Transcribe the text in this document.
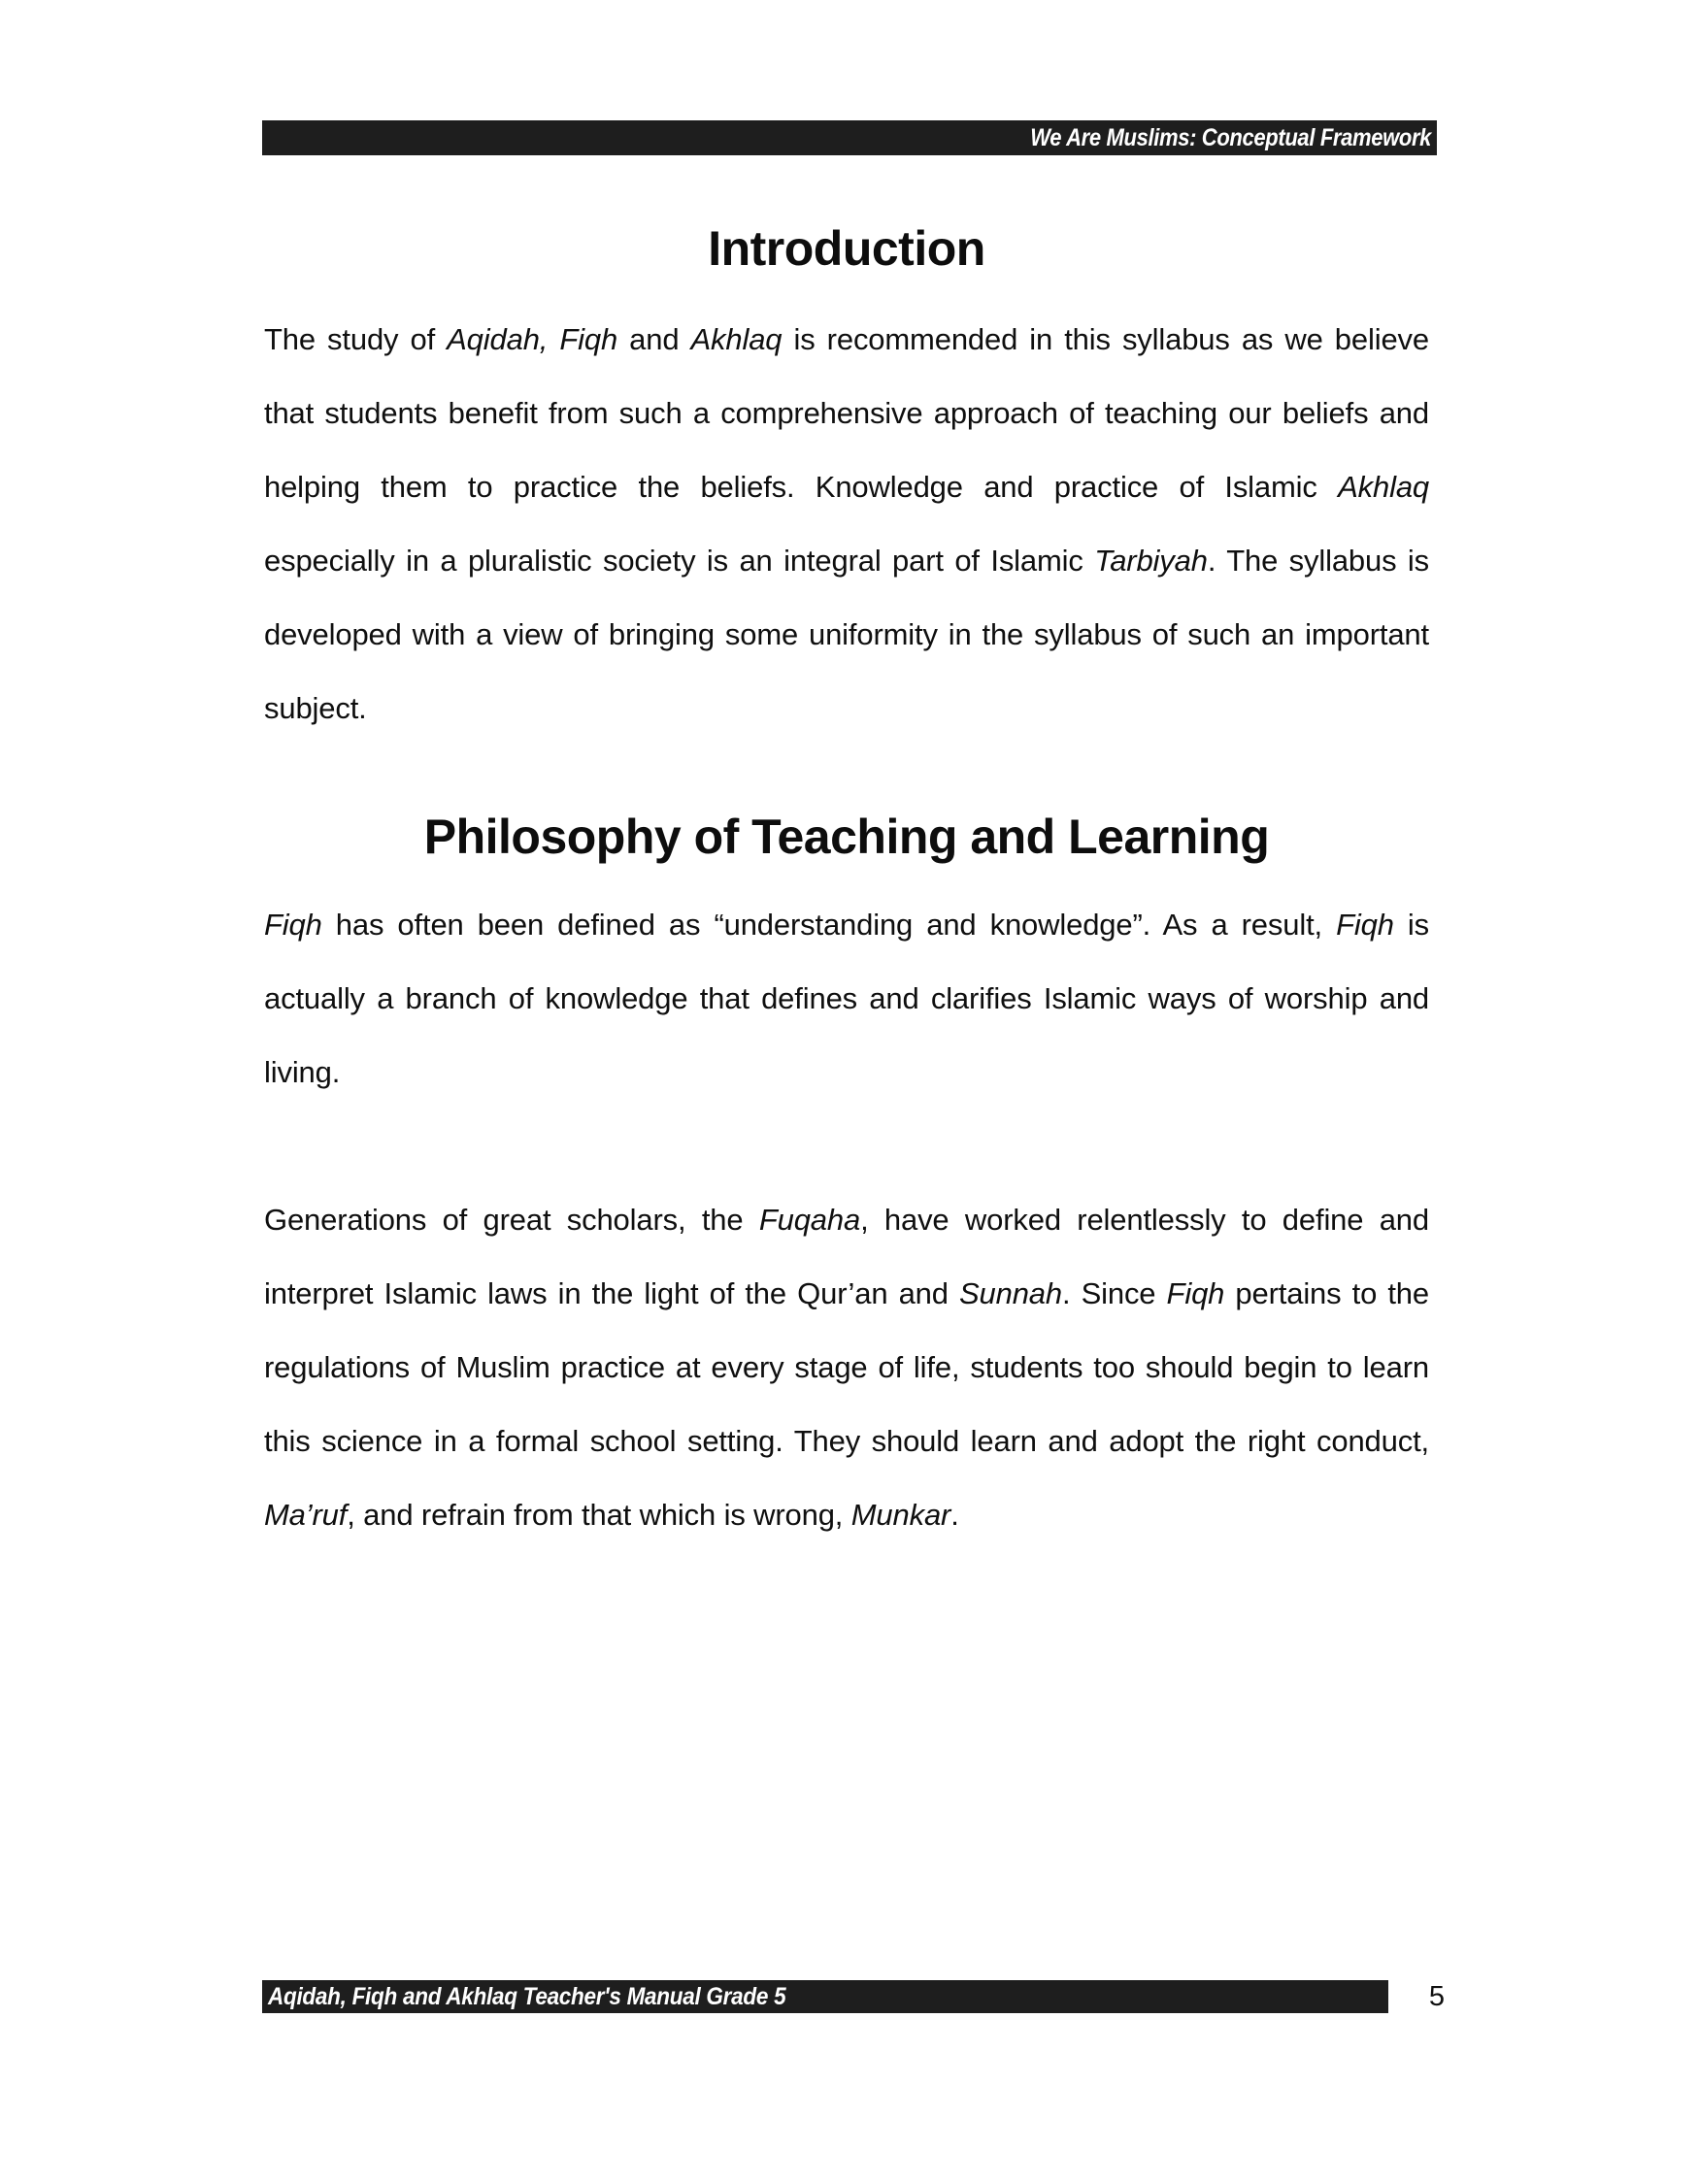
We Are Muslims: Conceptual Framework
Introduction

The study of Aqidah, Fiqh and Akhlaq is recommended in this syllabus as we believe that students benefit from such a comprehensive approach of teaching our beliefs and helping them to practice the beliefs. Knowledge and practice of Islamic Akhlaq especially in a pluralistic society is an integral part of Islamic Tarbiyah. The syllabus is developed with a view of bringing some uniformity in the syllabus of such an important subject.

Philosophy of Teaching and Learning

Fiqh has often been defined as “understanding and knowledge”. As a result, Fiqh is actually a branch of knowledge that defines and clarifies Islamic ways of worship and living.

Generations of great scholars, the Fuqaha, have worked relentlessly to define and interpret Islamic laws in the light of the Qur’an and Sunnah. Since Fiqh pertains to the regulations of Muslim practice at every stage of life, students too should begin to learn this science in a formal school setting. They should learn and adopt the right conduct, Ma’ruf, and refrain from that which is wrong, Munkar.

Aqidah, Fiqh and Akhlaq Teacher's Manual Grade 5	5
